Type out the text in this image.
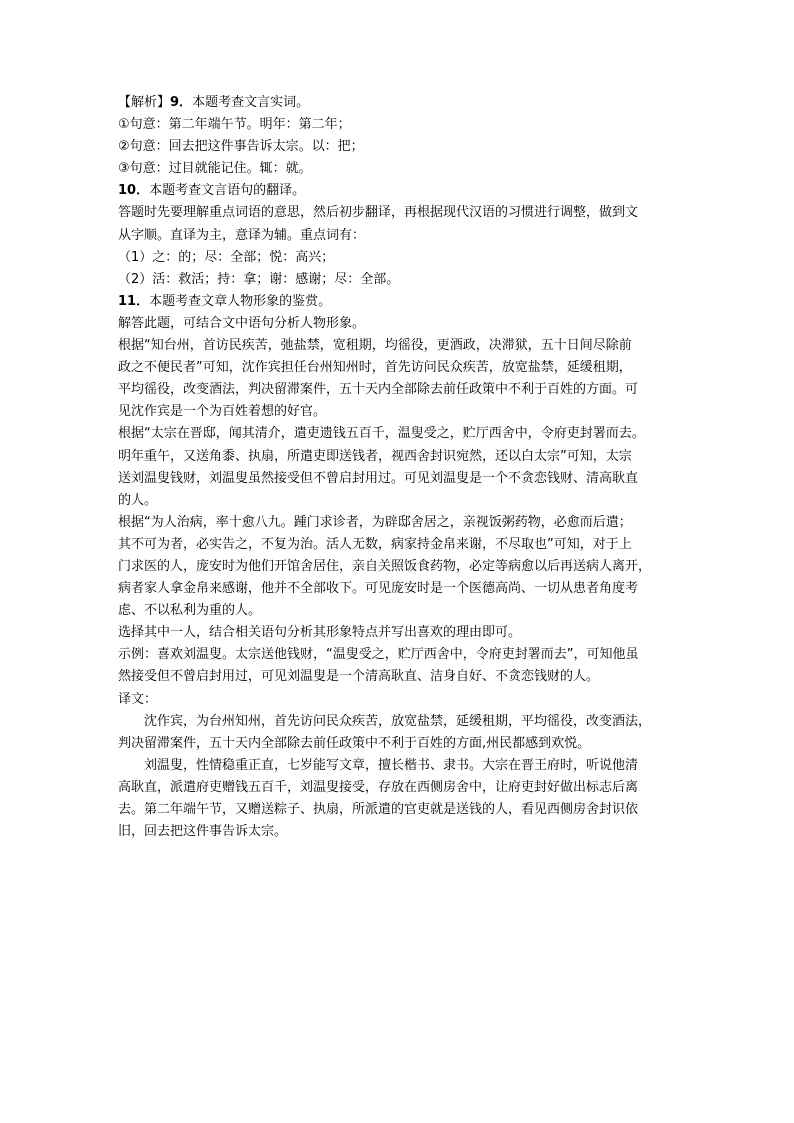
【解析】9．本题考查文言实词。
①句意：第二年端午节。明年：第二年；
②句意：回去把这件事告诉太宗。以：把；
③句意：过目就能记住。辄：就。
10．本题考查文言语句的翻译。
答题时先要理解重点词语的意思，然后初步翻译，再根据现代汉语的习惯进行调整，做到文
从字顺。直译为主，意译为辅。重点词有：
（1）之：的；尽：全部；悦：高兴；
（2）活：救活；持：拿；谢：感谢；尽：全部。
11．本题考查文章人物形象的鉴赏。
解答此题，可结合文中语句分析人物形象。
根据“知台州，首访民疾苦，弛盐禁，宽租期，均徭役，更酒政，决滞狱，五十日间尽除前
政之不便民者”可知，沈作宾担任台州知州时，首先访问民众疾苦，放宽盐禁，延缓租期，
平均徭役，改变酒法，判决留滞案件，五十天内全部除去前任政策中不利于百姓的方面。可
见沈作宾是一个为百姓着想的好官。
根据“太宗在晋邸，闻其清介，遣吏遗钱五百千，温叟受之，贮厅西舍中，令府吏封署而去。
明年重午，又送角黍、执扇，所遣吏即送钱者，视西舍封识宛然，还以白太宗”可知，太宗
送刘温叟钱财，刘温叟虽然接受但不曾启封用过。可见刘温叟是一个不贪恋钱财、清高耿直
的人。
根据“为人治病，率十愈八九。踵门求诊者，为辟邸舍居之，亲视饭粥药物，必愈而后遣；
其不可为者，必实告之，不复为治。活人无数，病家持金帛来谢，不尽取也”可知，对于上
门求医的人，庞安时为他们开馆舍居住，亲自关照饭食药物，必定等病愈以后再送病人离开，
病者家人拿金帛来感谢，他并不全部收下。可见庞安时是一个医德高尚、一切从患者角度考
虑、不以私利为重的人。
选择其中一人，结合相关语句分析其形象特点并写出喜欢的理由即可。
示例：喜欢刘温叟。太宗送他钱财，“温叟受之，贮厅西舍中，令府吏封署而去”，可知他虽
然接受但不曾启封用过，可见刘温叟是一个清高耿直、洁身自好、不贪恋钱财的人。
译文：
沈作宾，为台州知州，首先访问民众疾苦，放宽盐禁，延缓租期，平均徭役，改变酒法，
判决留滞案件，五十天内全部除去前任政策中不利于百姓的方面,州民都感到欢悦。
刘温叟，性情稳重正直，七岁能写文章，擅长楷书、隶书。大宗在晋王府时，听说他清
高耿直，派遣府吏赠钱五百千，刘温叟接受，存放在西侧房舍中，让府吏封好做出标志后离
去。第二年端午节，又赠送粽子、执扇，所派遣的官吏就是送钱的人，看见西侧房舍封识依
旧，回去把这件事告诉太宗。
